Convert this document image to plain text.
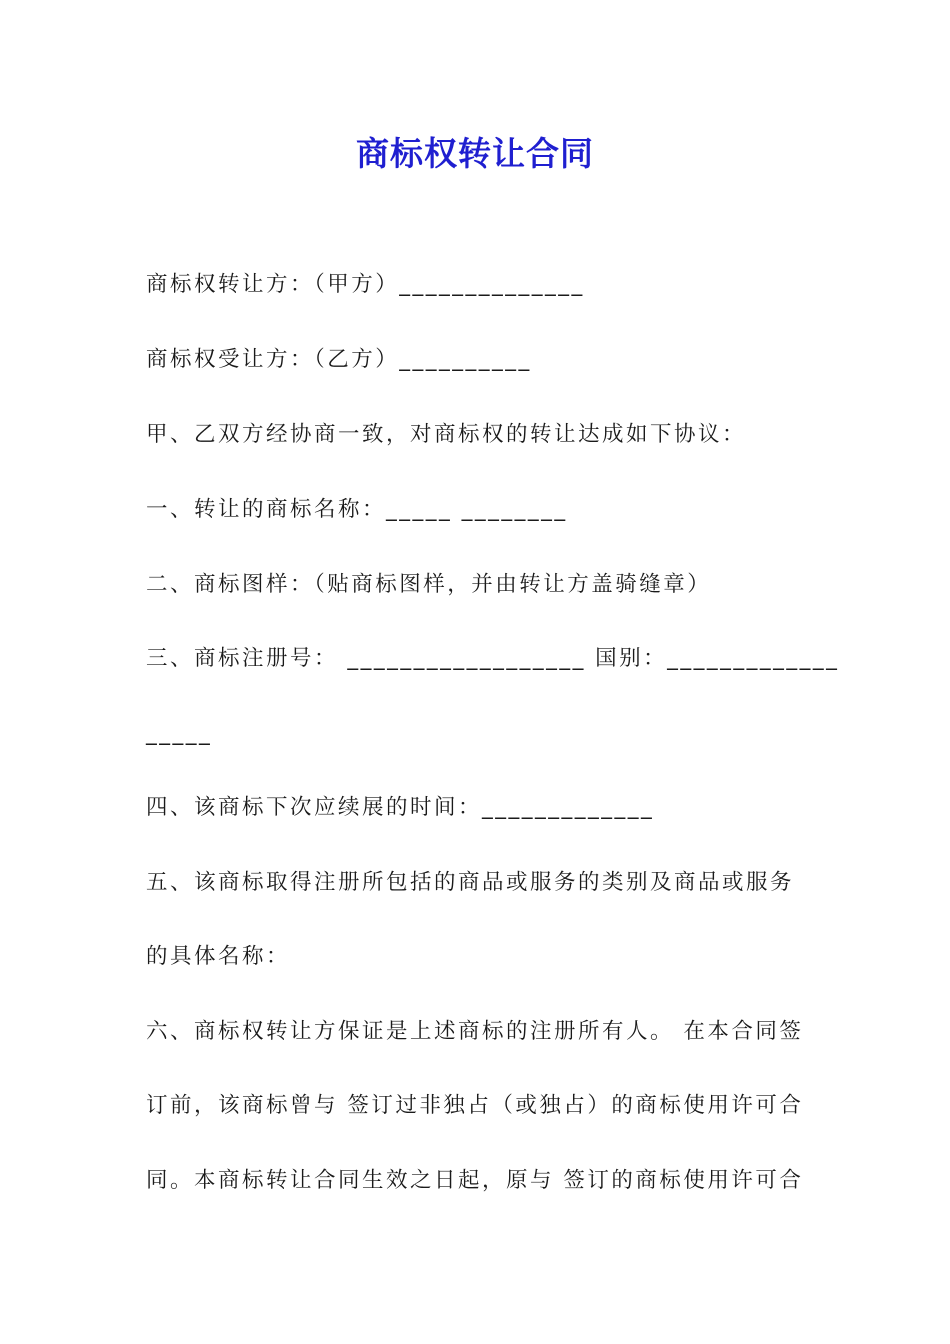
商标权转让合同
商标权转让方：（甲方）______________
商标权受让方：（乙方）__________
甲、乙双方经协商一致，对商标权的转让达成如下协议：
一、转让的商标名称：_____ ________
二、商标图样：（贴商标图样，并由转让方盖骑缝章）
三、商标注册号： __________________ 国别：_____________
_____
四、该商标下次应续展的时间：_____________
五、该商标取得注册所包括的商品或服务的类别及商品或服务
的具体名称：
六、商标权转让方保证是上述商标的注册所有人。 在本合同签
订前，该商标曾与 签订过非独占（或独占）的商标使用许可合
同。本商标转让合同生效之日起，原与 签订的商标使用许可合
